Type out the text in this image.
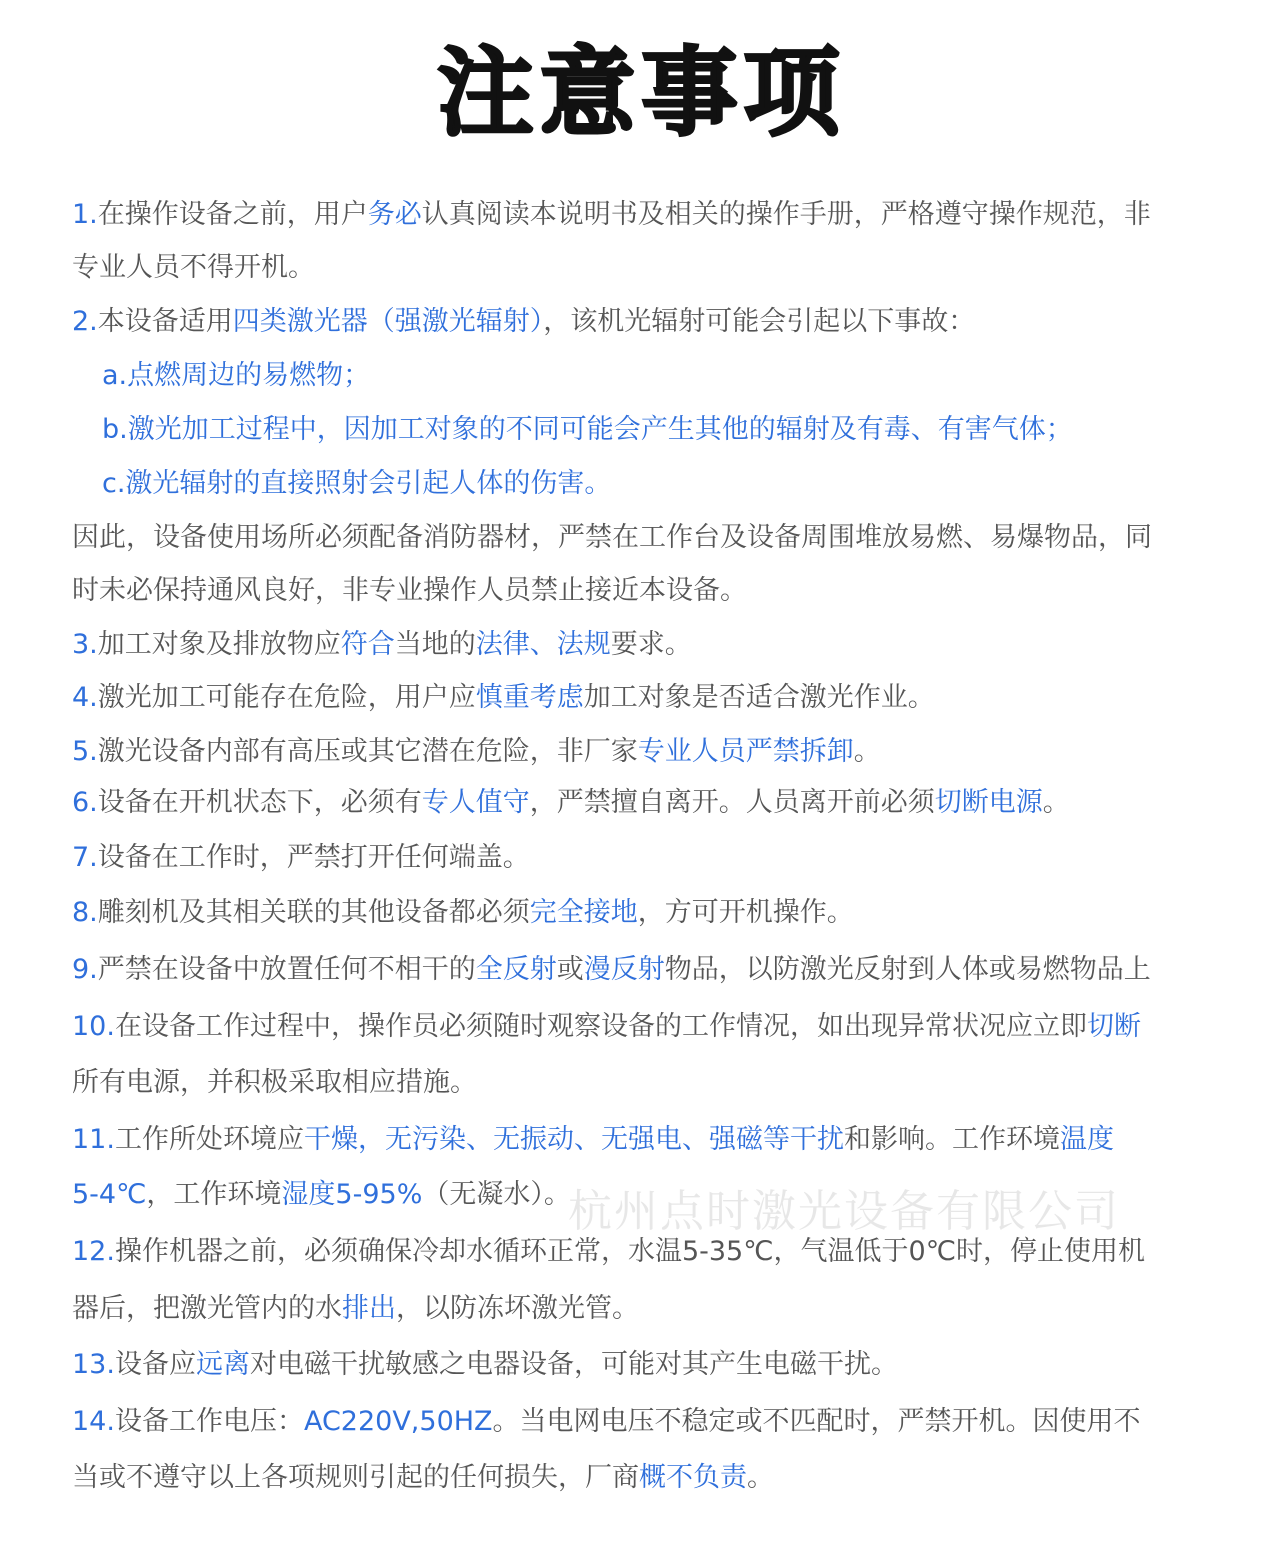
注意事项
1.在操作设备之前，用户务必认真阅读本说明书及相关的操作手册，严格遵守操作规范，非
专业人员不得开机。
2.本设备适用四类激光器（强激光辐射），该机光辐射可能会引起以下事故：
a.点燃周边的易燃物；
b.激光加工过程中，因加工对象的不同可能会产生其他的辐射及有毒、有害气体；
c.激光辐射的直接照射会引起人体的伤害。
因此，设备使用场所必须配备消防器材，严禁在工作台及设备周围堆放易燃、易爆物品，同
时未必保持通风良好，非专业操作人员禁止接近本设备。
3.加工对象及排放物应符合当地的法律、法规要求。
4.激光加工可能存在危险，用户应慎重考虑加工对象是否适合激光作业。
5.激光设备内部有高压或其它潜在危险，非厂家专业人员严禁拆卸。
6.设备在开机状态下，必须有专人值守，严禁擅自离开。人员离开前必须切断电源。
7.设备在工作时，严禁打开任何端盖。
8.雕刻机及其相关联的其他设备都必须完全接地，方可开机操作。
9.严禁在设备中放置任何不相干的全反射或漫反射物品，以防激光反射到人体或易燃物品上
10.在设备工作过程中，操作员必须随时观察设备的工作情况，如出现异常状况应立即切断
所有电源，并积极采取相应措施。
11.工作所处环境应干燥，无污染、无振动、无强电、强磁等干扰和影响。工作环境温度
5-4℃，工作环境湿度5-95%（无凝水）。
12.操作机器之前，必须确保冷却水循环正常，水温5-35℃，气温低于0℃时，停止使用机
器后，把激光管内的水排出，以防冻坏激光管。
13.设备应远离对电磁干扰敏感之电器设备，可能对其产生电磁干扰。
14.设备工作电压：AC220V,50HZ。当电网电压不稳定或不匹配时，严禁开机。因使用不
当或不遵守以上各项规则引起的任何损失，厂商概不负责。
杭州点时激光设备有限公司
